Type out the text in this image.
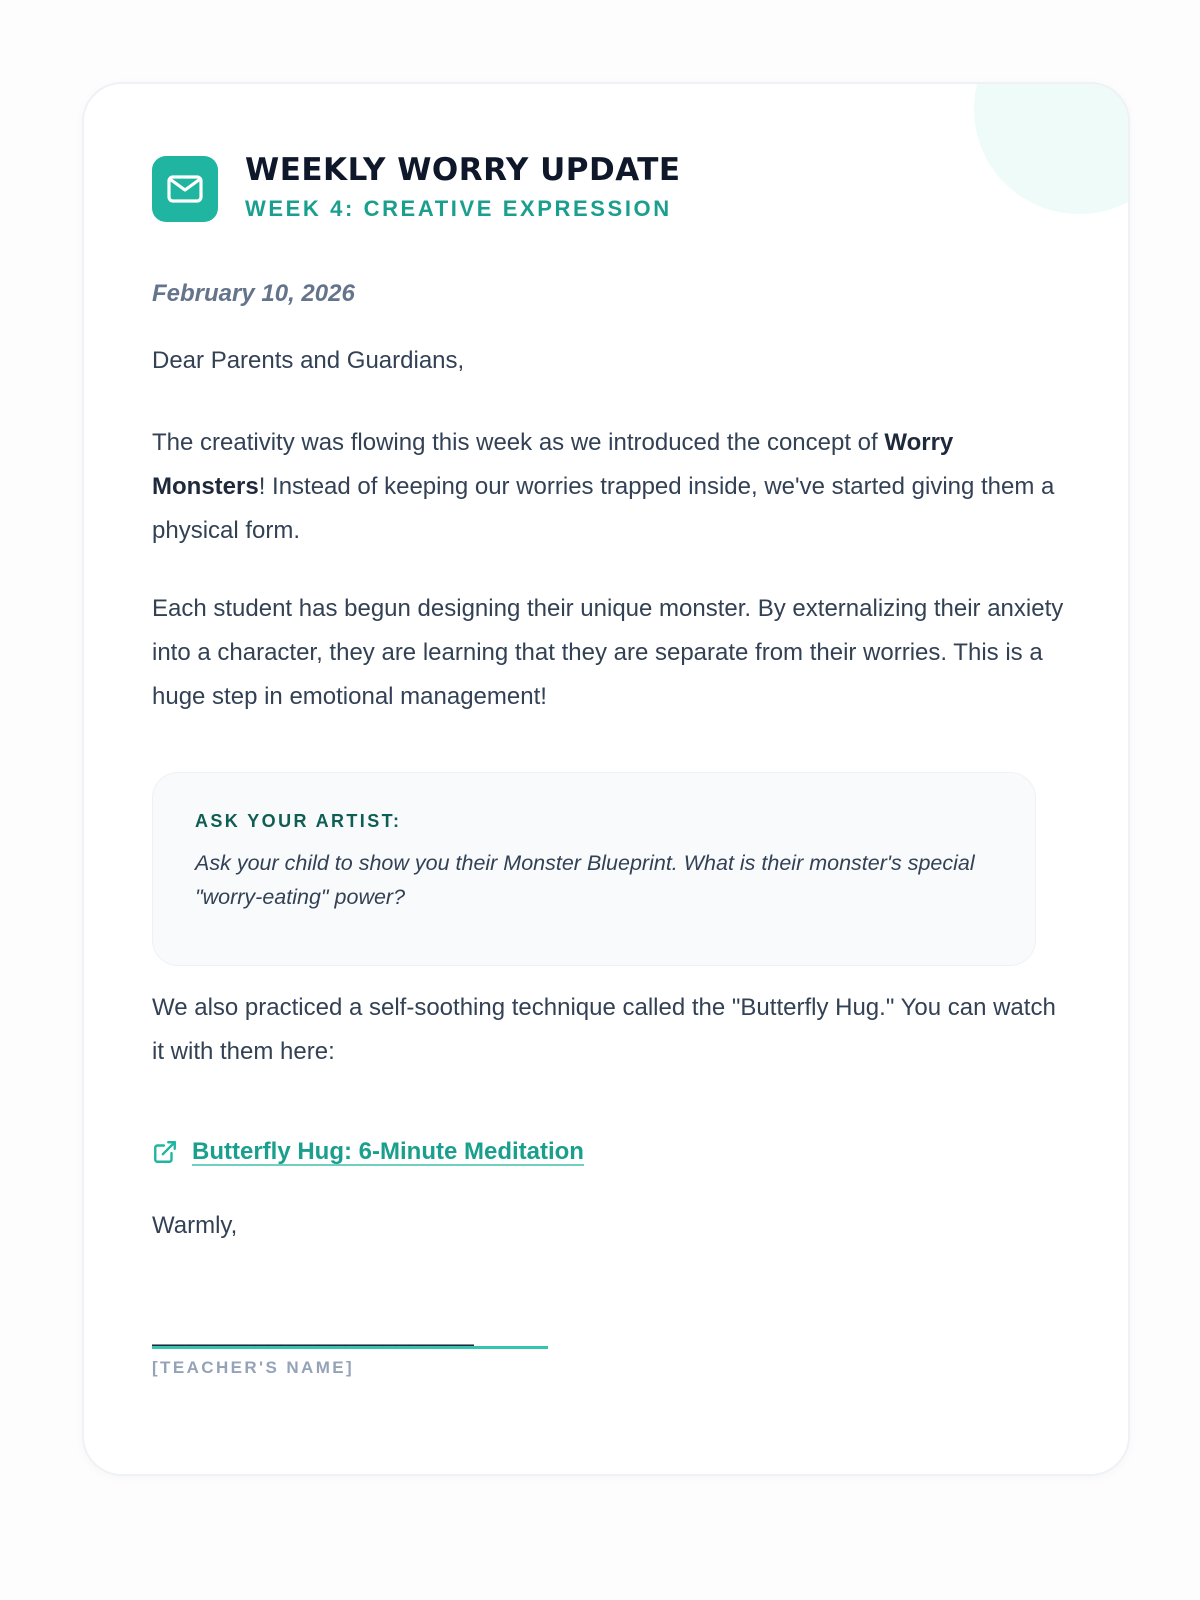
WEEKLY WORRY UPDATE
WEEK 4: CREATIVE EXPRESSION
February 10, 2026

Dear Parents and Guardians,

The creativity was flowing this week as we introduced the concept of Worry Monsters! Instead of keeping our worries trapped inside, we've started giving them a physical form.

Each student has begun designing their unique monster. By externalizing their anxiety into a character, they are learning that they are separate from their worries. This is a huge step in emotional management!

ASK YOUR ARTIST:

Ask your child to show you their Monster Blueprint. What is their monster's special "worry-eating" power?

We also practiced a self-soothing technique called the "Butterfly Hug." You can watch it with them here:

Butterfly Hug: 6-Minute Meditation
Warmly,
_________________________
[TEACHER'S NAME]
